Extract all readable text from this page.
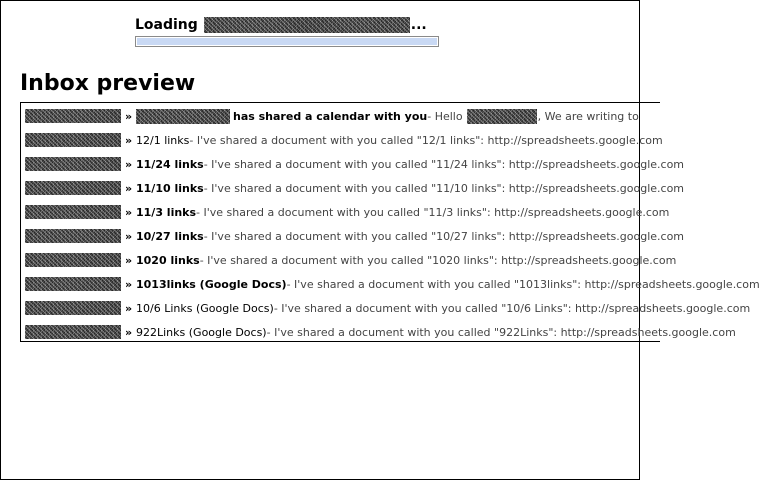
Loading	...
Inbox preview
»	has shared a calendar with you - Hello	, We are writing to
» 12/1 links - I've shared a document with you called "12/1 links": http://spreadsheets.google.com
» 11/24 links - I've shared a document with you called "11/24 links": http://spreadsheets.google.com
» 11/10 links - I've shared a document with you called "11/10 links": http://spreadsheets.google.com
» 11/3 links - I've shared a document with you called "11/3 links": http://spreadsheets.google.com
» 10/27 links - I've shared a document with you called "10/27 links": http://spreadsheets.google.com
» 1020 links - I've shared a document with you called "1020 links": http://spreadsheets.google.com
» 1013links (Google Docs) - I've shared a document with you called "1013links": http://spreadsheets.google.com
» 10/6 Links (Google Docs) - I've shared a document with you called "10/6 Links": http://spreadsheets.google.com
» 922Links (Google Docs) - I've shared a document with you called "922Links": http://spreadsheets.google.com
